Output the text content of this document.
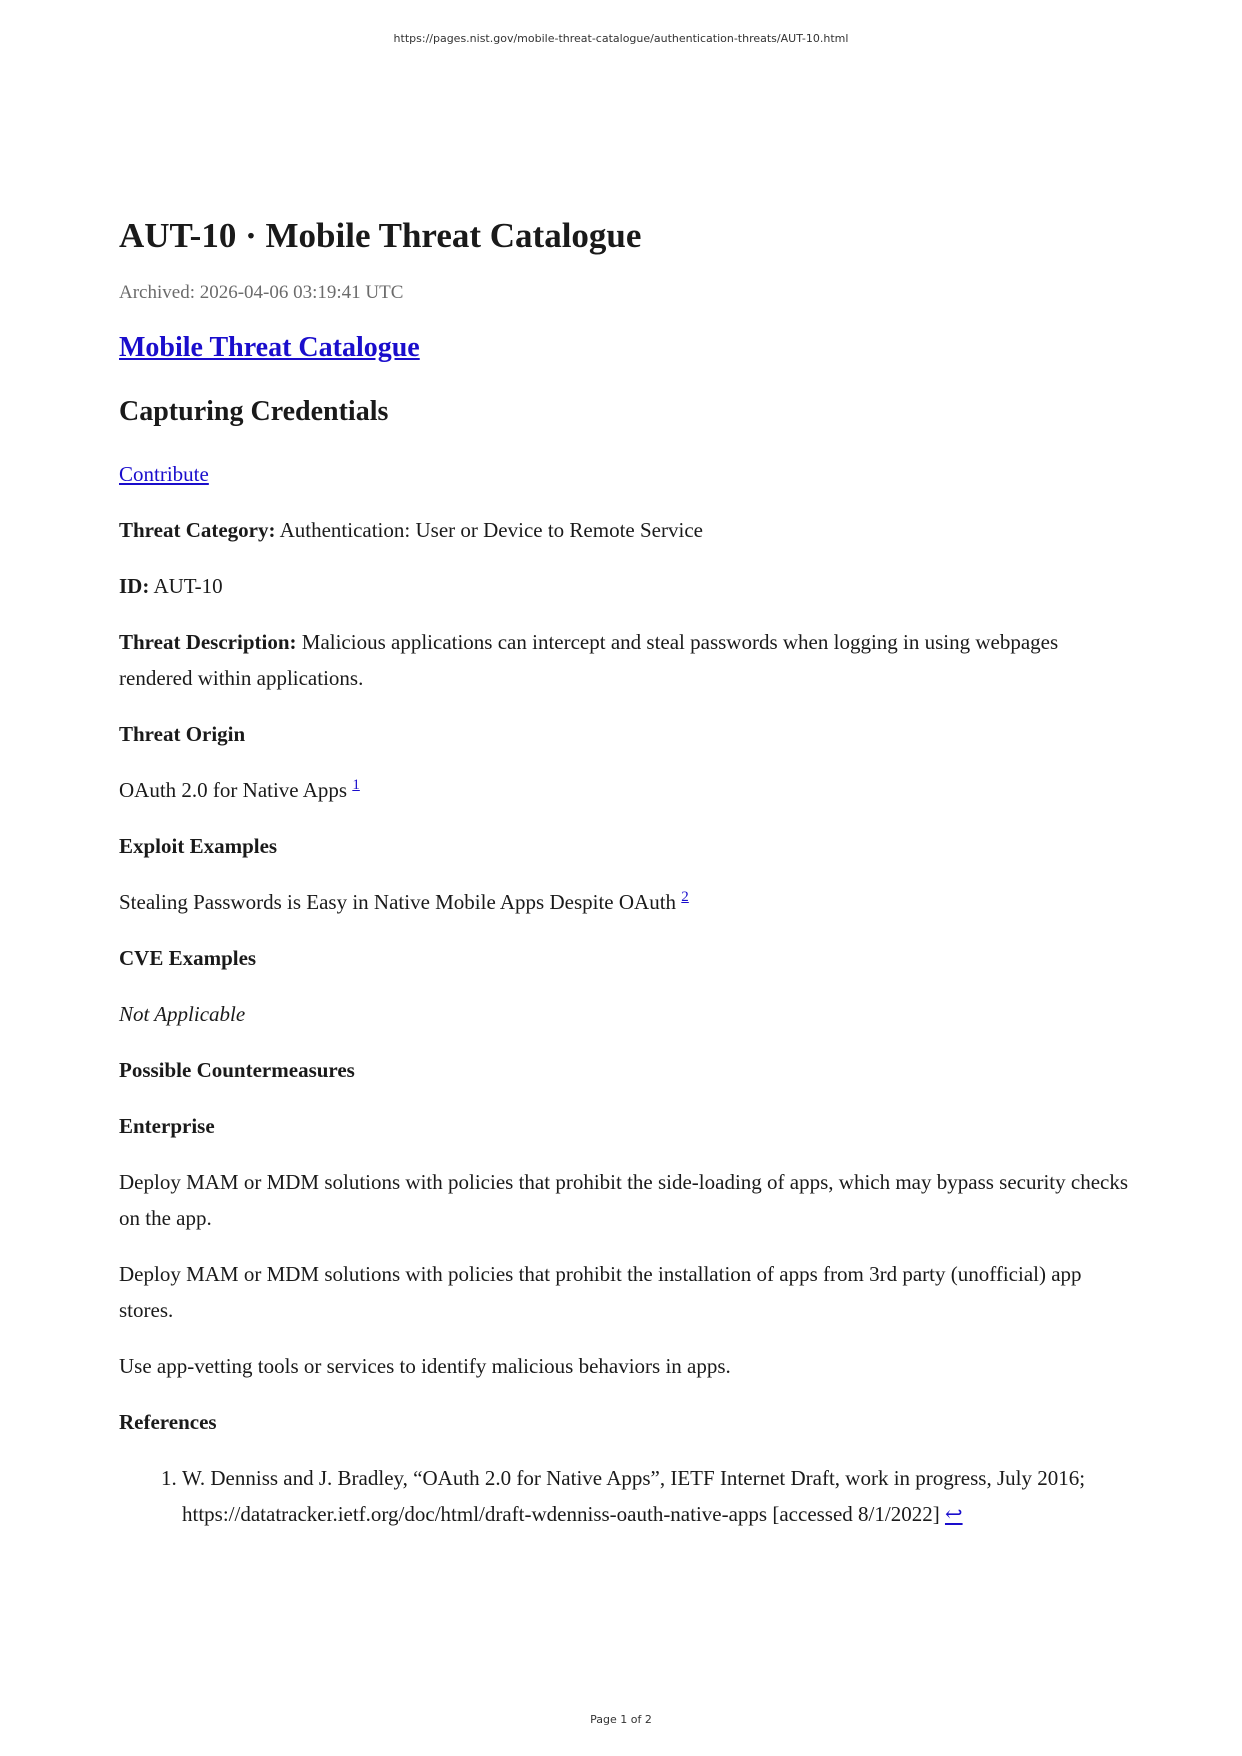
https://pages.nist.gov/mobile-threat-catalogue/authentication-threats/AUT-10.html
AUT-10 · Mobile Threat Catalogue
Archived: 2026-04-06 03:19:41 UTC
Mobile Threat Catalogue
Capturing Credentials

Contribute

Threat Category: Authentication: User or Device to Remote Service

ID: AUT-10

Threat Description: Malicious applications can intercept and steal passwords when logging in using webpages rendered within applications.

Threat Origin

OAuth 2.0 for Native Apps $^1$

Exploit Examples

Stealing Passwords is Easy in Native Mobile Apps Despite OAuth $^2$

CVE Examples

Not Applicable

Possible Countermeasures
Enterprise

Deploy MAM or MDM solutions with policies that prohibit the side-loading of apps, which may bypass security checks on the app.

Deploy MAM or MDM solutions with policies that prohibit the installation of apps from 3rd party (unofficial) app stores.

Use app-vetting tools or services to identify malicious behaviors in apps.

References
1. W. Denniss and J. Bradley, “OAuth 2.0 for Native Apps”, IETF Internet Draft, work in progress, July 2016; https://datatracker.ietf.org/doc/html/draft-wdenniss-oauth-native-apps [accessed 8/1/2022] ↩
Page 1 of 2
